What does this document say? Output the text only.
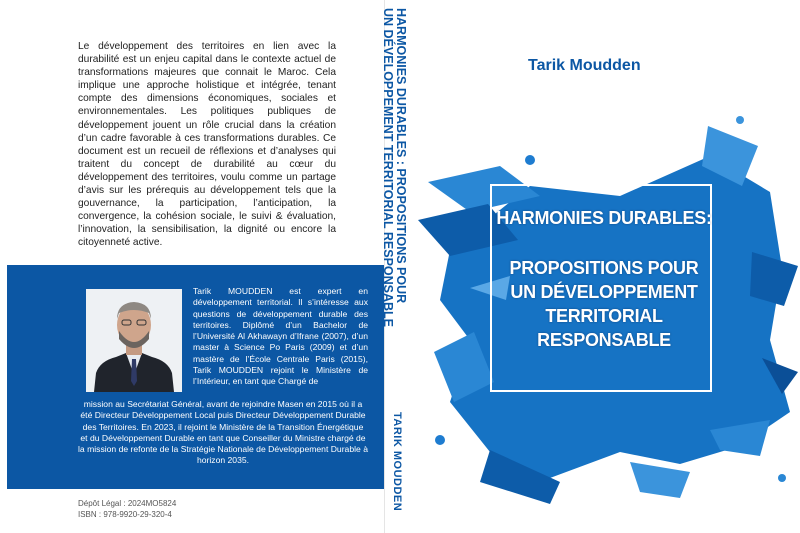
Le développement des territoires en lien avec la durabilité est un enjeu capital dans le contexte actuel de transformations majeures que connait le Maroc. Cela implique une approche holistique et intégrée, tenant compte des dimensions économiques, sociales et environnementales. Les politiques publiques de développement jouent un rôle crucial dans la création d’un cadre favorable à ces transformations durables. Ce document est un recueil de réflexions et d’analyses qui traitent du concept de durabilité au cœur du développement des territoires, voulu comme un partage d’avis sur les prérequis au développement tels que la gouvernance, la participation, l’anticipation, la convergence, la cohésion sociale, le suivi & évaluation, l’innovation, la sensibilisation, la dignité ou encore la citoyenneté active.

Tarik MOUDDEN est expert en développement territorial. Il s’intéresse aux questions de développement durable des territoires. Diplômé d’un Bachelor de l’Université Al Akhawayn d’Ifrane (2007), d’un master à Science Po Paris (2009) et d’un mastère de l’École Centrale Paris (2015), Tarik MOUDDEN rejoint le Ministère de l’Intérieur, en tant que Chargé de

mission au Secrétariat Général, avant de rejoindre Masen en 2015 où il a été Directeur Développement Local puis Directeur Développement Durable des Territoires. En 2023, il rejoint le Ministère de la Transition Énergétique et du Développement Durable en tant que Conseiller du Ministre chargé de la mission de refonte de la Stratégie Nationale de Développement Durable à horizon 2035.

Dépôt Légal : 2024MO5824
ISBN : 978-9920-29-320-4
HARMONIES DURABLES : PROPOSITIONS POUR
UN DÉVELOPPEMENT TERRITORIAL RESPONSABLE
TARIK MOUDDEN
Tarik Moudden
HARMONIES DURABLES:
PROPOSITIONS POUR
UN DÉVELOPPEMENT
TERRITORIAL
RESPONSABLE
